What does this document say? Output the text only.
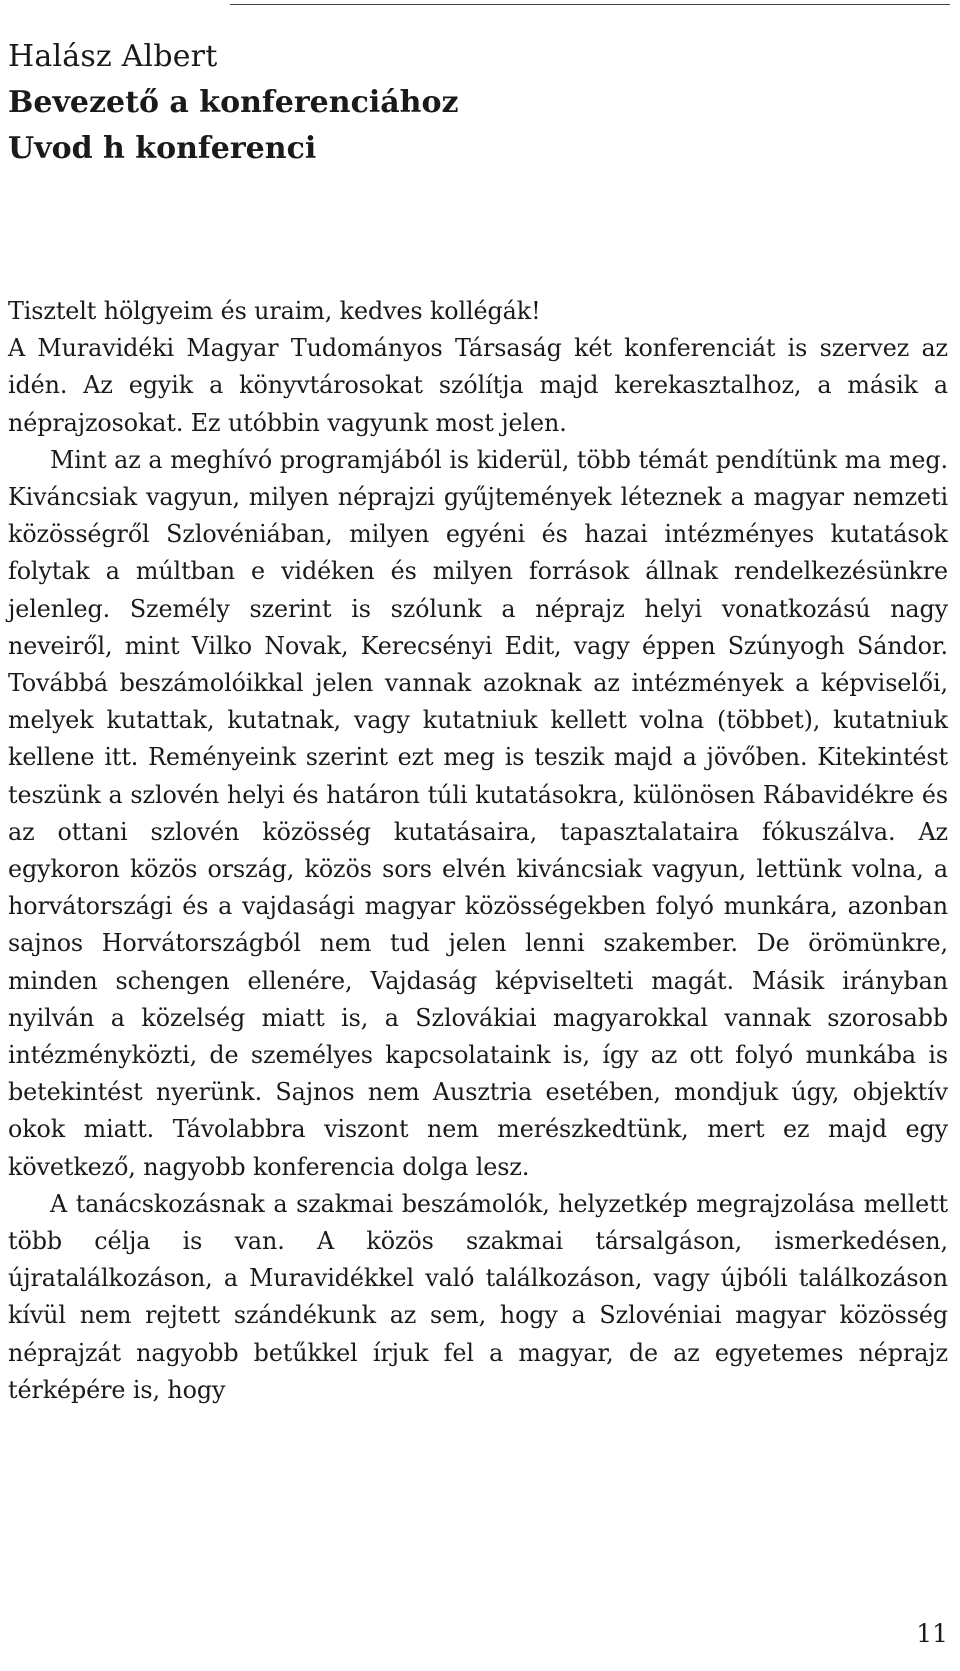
Halász Albert
Bevezető a konferenciához
Uvod h konferenci

Tisztelt hölgyeim és uraim, kedves kollégák!

A Muravidéki Magyar Tudományos Társaság két konferenciát is szervez az idén. Az egyik a könyvtárosokat szólítja majd kerekasztalhoz, a másik a néprajzosokat. Ez utóbbin vagyunk most jelen.

Mint az a meghívó programjából is kiderül, több témát pendítünk ma meg. Kiváncsiak vagyun, milyen néprajzi gyűjtemények léteznek a magyar nemzeti közösségről Szlovéniában, milyen egyéni és hazai intézményes kutatások folytak a múltban e vidéken és milyen források állnak rendelkezésünkre jelenleg. Személy szerint is szólunk a néprajz helyi vonatkozású nagy neveiről, mint Vilko Novak, Kerecsényi Edit, vagy éppen Szúnyogh Sándor. Továbbá beszámolóikkal jelen vannak azoknak az intézmények a képviselői, melyek kutattak, kutatnak, vagy kutatniuk kellett volna (többet), kutatniuk kellene itt. Reményeink szerint ezt meg is teszik majd a jövőben. Kitekintést teszünk a szlovén helyi és határon túli kutatásokra, különösen Rábavidékre és az ottani szlovén közösség kutatásaira, tapasztalataira fókuszálva. Az egykoron közös ország, közös sors elvén kiváncsiak vagyun, lettünk volna, a horvátországi és a vajdasági magyar közösségekben folyó munkára, azonban sajnos Horvátországból nem tud jelen lenni szakember. De örömünkre, minden schengen ellenére, Vajdaság képviselteti magát. Másik irányban nyilván a közelség miatt is, a Szlovákiai magyarokkal vannak szorosabb intézményközti, de személyes kapcsolataink is, így az ott folyó munkába is betekintést nyerünk. Sajnos nem Ausztria esetében, mondjuk úgy, objektív okok miatt. Távolabbra viszont nem merészkedtünk, mert ez majd egy következő, nagyobb konferencia dolga lesz.

A tanácskozásnak a szakmai beszámolók, helyzetkép megrajzolása mellett több célja is van. A közös szakmai társalgáson, ismerkedésen, újratalálkozáson, a Muravidékkel való találkozáson, vagy újbóli találkozáson kívül nem rejtett szándékunk az sem, hogy a Szlovéniai magyar közösség néprajzát nagyobb betűkkel írjuk fel a magyar, de az egyetemes néprajz térképére is, hogy

11
